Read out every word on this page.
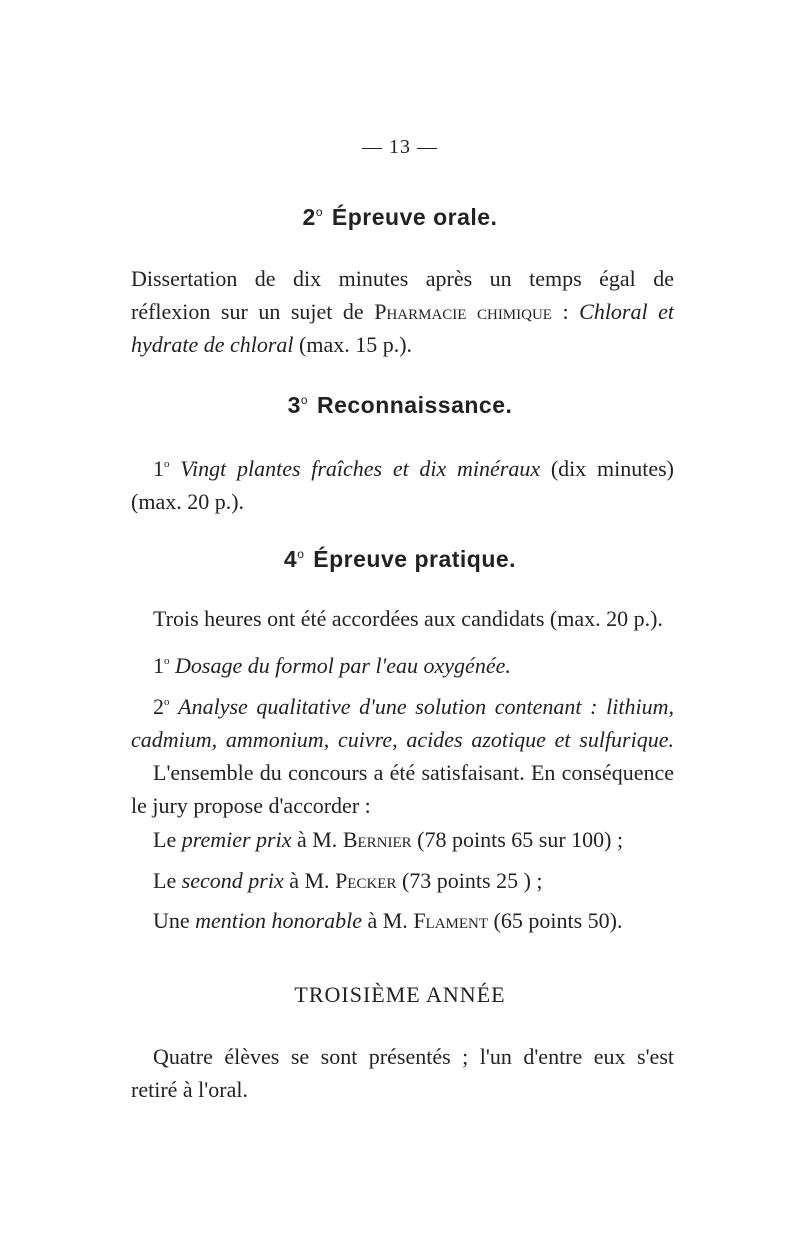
— 13 —
2$^o$ Épreuve orale.
Dissertation de dix minutes après un temps égal de
réflexion sur un sujet de Pharmacie chimique : Chloral et
hydrate de chloral (max. 15 p.).
3$^o$ Reconnaissance.
1$^o$ Vingt plantes fraîches et dix minéraux (dix minutes)
(max. 20 p.).
4$^o$ Épreuve pratique.
Trois heures ont été accordées aux candidats (max. 20 p.).
1$^o$ Dosage du formol par l'eau oxygénée.
2$^o$ Analyse qualitative d'une solution contenant : lithium,
cadmium, ammonium, cuivre, acides azotique et sulfurique.
L'ensemble du concours a été satisfaisant. En conséquence
le jury propose d'accorder :
Le premier prix à M. Bernier (78 points 65 sur 100) ;
Le second prix à M. Pecker (73 points 25 ) ;
Une mention honorable à M. Flament (65 points 50).
TROISIÈME ANNÉE
Quatre élèves se sont présentés ; l'un d'entre eux s'est
retiré à l'oral.
